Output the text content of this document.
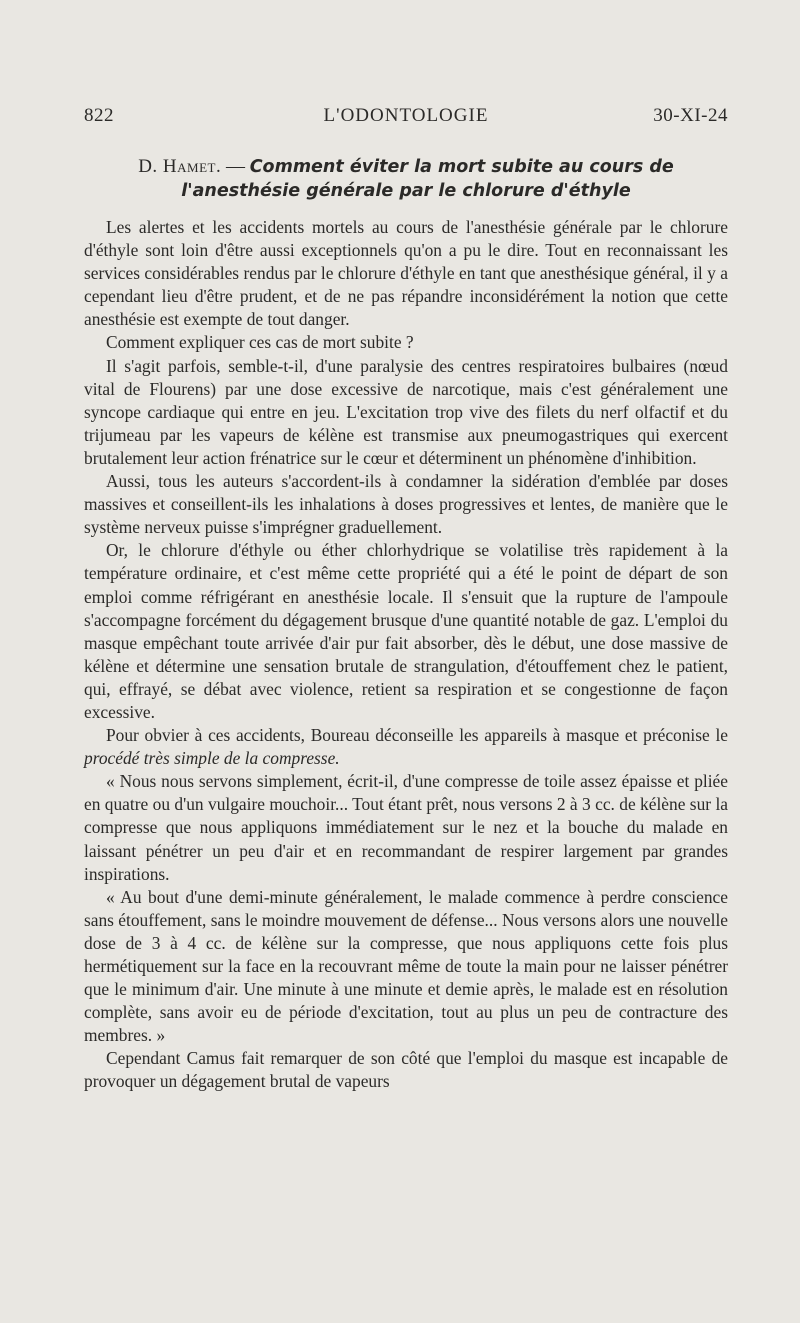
822	L'ODONTOLOGIE	30-XI-24
D. Hamet. — Comment éviter la mort subite au cours de
l'anesthésie générale par le chlorure d'éthyle

Les alertes et les accidents mortels au cours de l'anesthésie générale par le chlorure d'éthyle sont loin d'être aussi exceptionnels qu'on a pu le dire. Tout en reconnaissant les services considérables rendus par le chlorure d'éthyle en tant que anesthésique général, il y a cependant lieu d'être prudent, et de ne pas répandre inconsidérément la notion que cette anesthésie est exempte de tout danger.

Comment expliquer ces cas de mort subite ?

Il s'agit parfois, semble-t-il, d'une paralysie des centres respiratoires bulbaires (nœud vital de Flourens) par une dose excessive de narcotique, mais c'est généralement une syncope cardiaque qui entre en jeu. L'excitation trop vive des filets du nerf olfactif et du trijumeau par les vapeurs de kélène est transmise aux pneumogastriques qui exercent brutalement leur action frénatrice sur le cœur et déterminent un phénomène d'inhibition.

Aussi, tous les auteurs s'accordent-ils à condamner la sidération d'emblée par doses massives et conseillent-ils les inhalations à doses progressives et lentes, de manière que le système nerveux puisse s'imprégner graduellement.

Or, le chlorure d'éthyle ou éther chlorhydrique se volatilise très rapidement à la température ordinaire, et c'est même cette propriété qui a été le point de départ de son emploi comme réfrigérant en anesthésie locale. Il s'ensuit que la rupture de l'ampoule s'accompagne forcément du dégagement brusque d'une quantité notable de gaz. L'emploi du masque empêchant toute arrivée d'air pur fait absorber, dès le début, une dose massive de kélène et détermine une sensation brutale de strangulation, d'étouffement chez le patient, qui, effrayé, se débat avec violence, retient sa respiration et se congestionne de façon excessive.

Pour obvier à ces accidents, Boureau déconseille les appareils à masque et préconise le procédé très simple de la compresse.

« Nous nous servons simplement, écrit-il, d'une compresse de toile assez épaisse et pliée en quatre ou d'un vulgaire mouchoir... Tout étant prêt, nous versons 2 à 3 cc. de kélène sur la compresse que nous appliquons immédiatement sur le nez et la bouche du malade en laissant pénétrer un peu d'air et en recommandant de respirer largement par grandes inspirations.

« Au bout d'une demi-minute généralement, le malade commence à perdre conscience sans étouffement, sans le moindre mouvement de défense... Nous versons alors une nouvelle dose de 3 à 4 cc. de kélène sur la compresse, que nous appliquons cette fois plus hermétiquement sur la face en la recouvrant même de toute la main pour ne laisser pénétrer que le minimum d'air. Une minute à une minute et demie après, le malade est en résolution complète, sans avoir eu de période d'excitation, tout au plus un peu de contracture des membres. »

Cependant Camus fait remarquer de son côté que l'emploi du masque est incapable de provoquer un dégagement brutal de vapeurs
